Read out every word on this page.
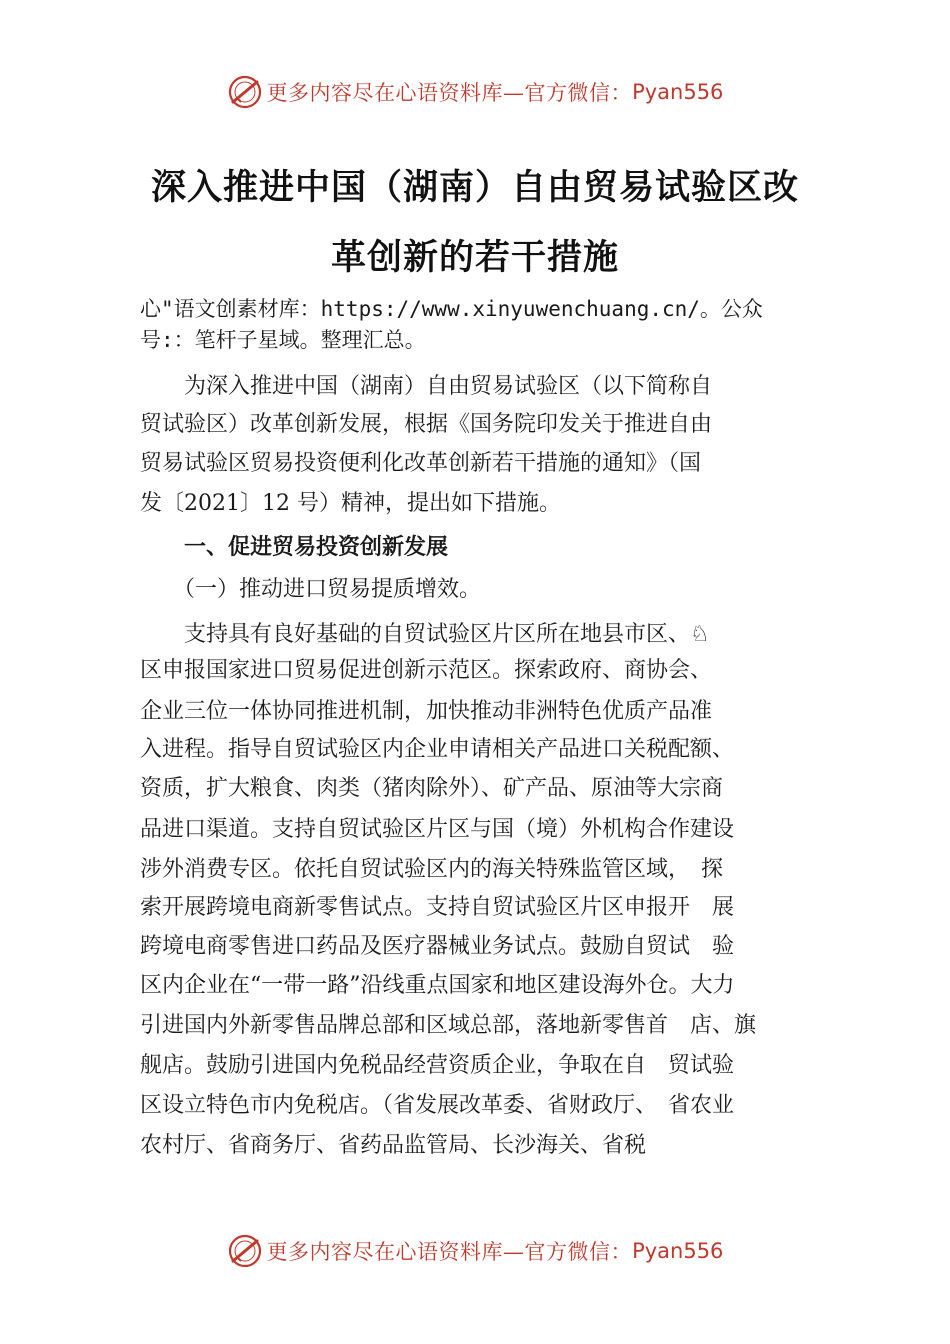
更多内容尽在心语资料库—官方微信： Pyan556
深入推进中国（湖南）自由贸易试验区改
革创新的若干措施
心"语文创素材库：https://www.xinyuwenchuang.cn/。公众
号:：笔杆子星域。整理汇总。
　　为深入推进中国（湖南）自由贸易试验区（以下简称自
贸试验区）改革创新发展，根据《国务院印发关于推进自由
贸易试验区贸易投资便利化改革创新若干措施的通知》（国
发〔2021〕12 号）精神，提出如下措施。
　　一、促进贸易投资创新发展
　　（一）推动进口贸易提质增效。
　　支持具有良好基础的自贸试验区片区所在地县市区、♘
区申报国家进口贸易促进创新示范区。探索政府、商协会、
企业三位一体协同推进机制，加快推动非洲特色优质产品准
入进程。指导自贸试验区内企业申请相关产品进口关税配额、
资质，扩大粮食、肉类（猪肉除外）、矿产品、原油等大宗商
品进口渠道。支持自贸试验区片区与国（境）外机构合作建设
涉外消费专区。依托自贸试验区内的海关特殊监管区域，　探
索开展跨境电商新零售试点。支持自贸试验区片区申报开　展
跨境电商零售进口药品及医疗器械业务试点。鼓励自贸试　验
区内企业在“一带一路”沿线重点国家和地区建设海外仓。大力
引进国内外新零售品牌总部和区域总部，落地新零售首　店、旗
舰店。鼓励引进国内免税品经营资质企业，争取在自　贸试验
区设立特色市内免税店。（省发展改革委、省财政厅、　省农业
农村厅、省商务厅、省药品监管局、长沙海关、省税
更多内容尽在心语资料库—官方微信： Pyan556
